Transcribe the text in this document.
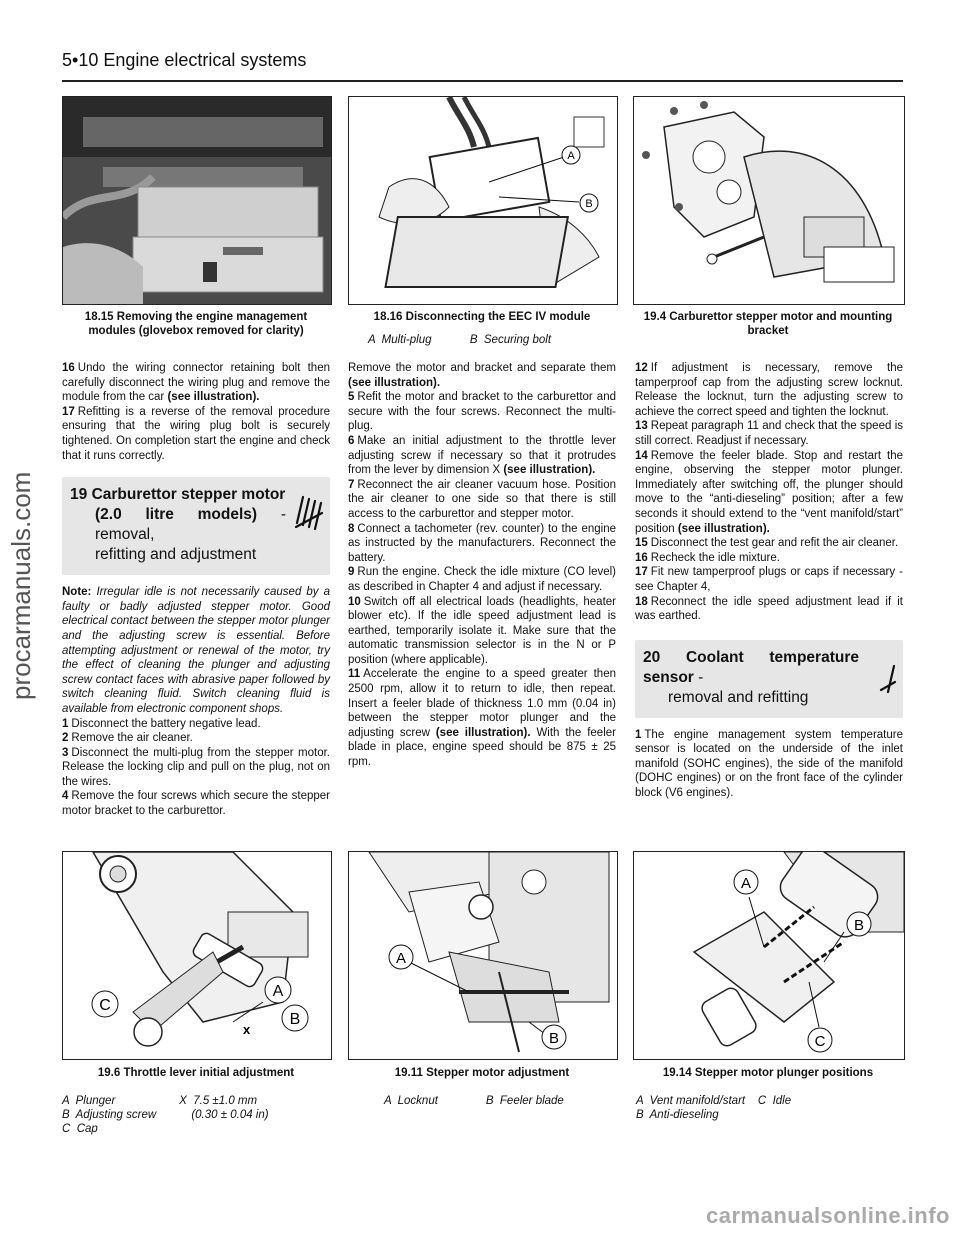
5•10 Engine electrical systems
procarmanuals.com
carmanualsonline.info
A
B
18.15 Removing the engine management modules (glovebox removed for clarity)
18.16 Disconnecting the EEC IV module
A  Multi-plug            B  Securing bolt
19.4 Carburettor stepper motor and mounting bracket

16 Undo the wiring connector retaining bolt then carefully disconnect the wiring plug and remove the module from the car (see illustration).

17 Refitting is a reverse of the removal procedure ensuring that the wiring plug bolt is securely tightened. On completion start the engine and check that it runs correctly.

19 Carburettor stepper motor
(2.0 litre models) - removal,
refitting and adjustment

Note: Irregular idle is not necessarily caused by a faulty or badly adjusted stepper motor. Good electrical contact between the stepper motor plunger and the adjusting screw is essential. Before attempting adjustment or renewal of the motor, try the effect of cleaning the plunger and adjusting screw contact faces with abrasive paper followed by switch cleaning fluid. Switch cleaning fluid is available from electronic component shops.

1 Disconnect the battery negative lead.

2 Remove the air cleaner.

3 Disconnect the multi-plug from the stepper motor. Release the locking clip and pull on the plug, not on the wires.

4 Remove the four screws which secure the stepper motor bracket to the carburettor.

Remove the motor and bracket and separate them (see illustration).

5 Refit the motor and bracket to the carburettor and secure with the four screws. Reconnect the multi-plug.

6 Make an initial adjustment to the throttle lever adjusting screw if necessary so that it protrudes from the lever by dimension X (see illustration).

7 Reconnect the air cleaner vacuum hose. Position the air cleaner to one side so that there is still access to the carburettor and stepper motor.

8 Connect a tachometer (rev. counter) to the engine as instructed by the manufacturers. Reconnect the battery.

9 Run the engine. Check the idle mixture (CO level) as described in Chapter 4 and adjust if necessary.

10 Switch off all electrical loads (headlights, heater blower etc). If the idle speed adjustment lead is earthed, temporarily isolate it. Make sure that the automatic transmission selector is in the N or P position (where applicable).

11 Accelerate the engine to a speed greater then 2500 rpm, allow it to return to idle, then repeat. Insert a feeler blade of thickness 1.0 mm (0.04 in) between the stepper motor plunger and the adjusting screw (see illustration). With the feeler blade in place, engine speed should be 875 ± 25 rpm.

12 If adjustment is necessary, remove the tamperproof cap from the adjusting screw locknut. Release the locknut, turn the adjusting screw to achieve the correct speed and tighten the locknut.

13 Repeat paragraph 11 and check that the speed is still correct. Readjust if necessary.

14 Remove the feeler blade. Stop and restart the engine, observing the stepper motor plunger. Immediately after switching off, the plunger should move to the “anti-dieseling” position; after a few seconds it should extend to the “vent manifold/start” position (see illustration).

15 Disconnect the test gear and refit the air cleaner.

16 Recheck the idle mixture.

17 Fit new tamperproof plugs or caps if necessary - see Chapter 4,

18 Reconnect the idle speed adjustment lead if it was earthed.

20 Coolant temperature sensor -
removal and refitting

1 The engine management system temperature sensor is located on the underside of the inlet manifold (SOHC engines), the side of the manifold (DOHC engines) or on the front face of the cylinder block (V6 engines).

x
A
B
C
A
B
A
B
C
19.6 Throttle lever initial adjustment	19.11 Stepper motor adjustment	19.14 Stepper motor plunger positions
A  Plunger                    X  7.5 ±1.0 mm
B  Adjusting screw           (0.30 ± 0.04 in)
C  Cap
A  Locknut               B  Feeler blade	A  Vent manifold/start    C  Idle
B  Anti-dieseling
